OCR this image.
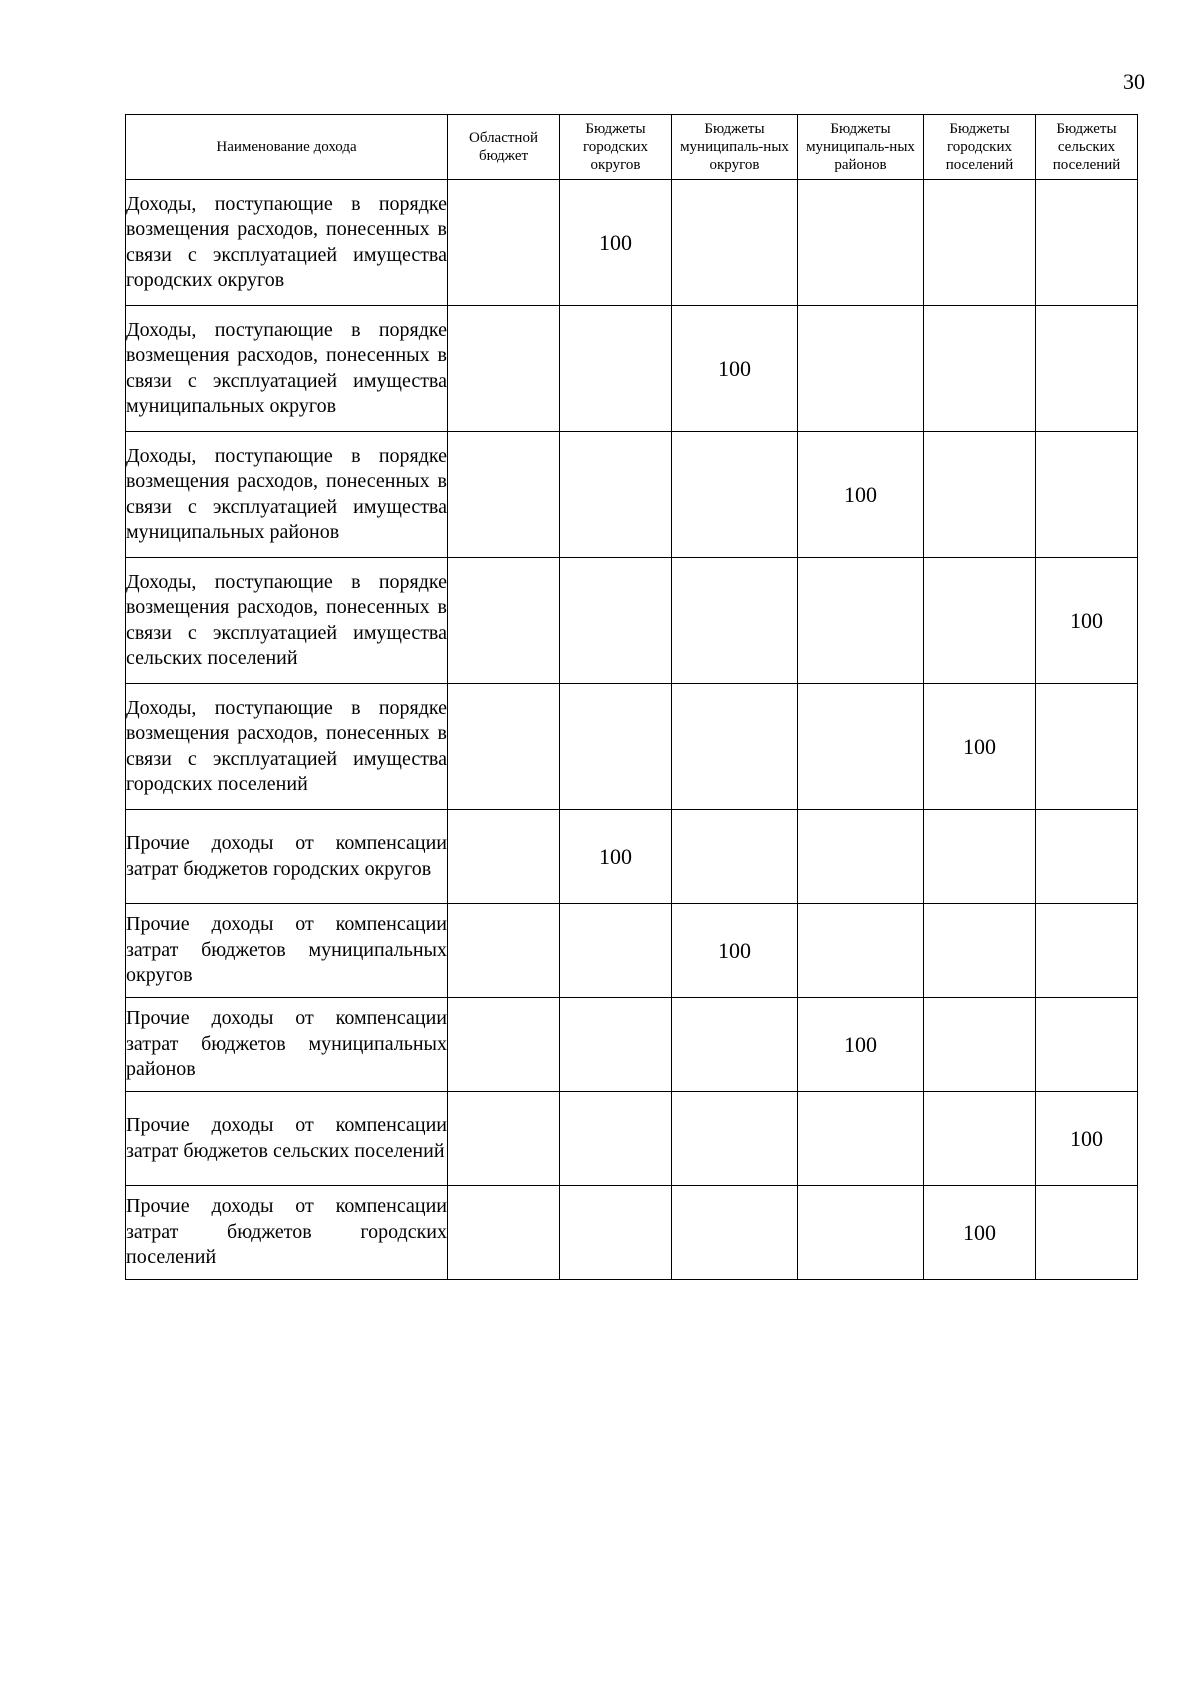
30
Наименование дохода	Областной бюджет	Бюджеты городских округов	Бюджеты муниципаль-ных округов	Бюджеты муниципаль-ных районов	Бюджеты городских поселений	Бюджеты сельских поселений
Доходы, поступающие в порядке возмещения расходов, понесенных в связи с эксплуатацией имущества городских округов		100				
Доходы, поступающие в порядке возмещения расходов, понесенных в связи с эксплуатацией имущества муниципальных округов			100			
Доходы, поступающие в порядке возмещения расходов, понесенных в связи с эксплуатацией имущества муниципальных районов				100		
Доходы, поступающие в порядке возмещения расходов, понесенных в связи с эксплуатацией имущества сельских поселений						100
Доходы, поступающие в порядке возмещения расходов, понесенных в связи с эксплуатацией имущества городских поселений					100	
Прочие доходы от компенсации затрат бюджетов городских округов		100				
Прочие доходы от компенсации затрат бюджетов муниципальных округов			100			
Прочие доходы от компенсации затрат бюджетов муниципальных районов				100		
Прочие доходы от компенсации затрат бюджетов сельских поселений						100
Прочие доходы от компенсации затрат бюджетов городских поселений					100	
